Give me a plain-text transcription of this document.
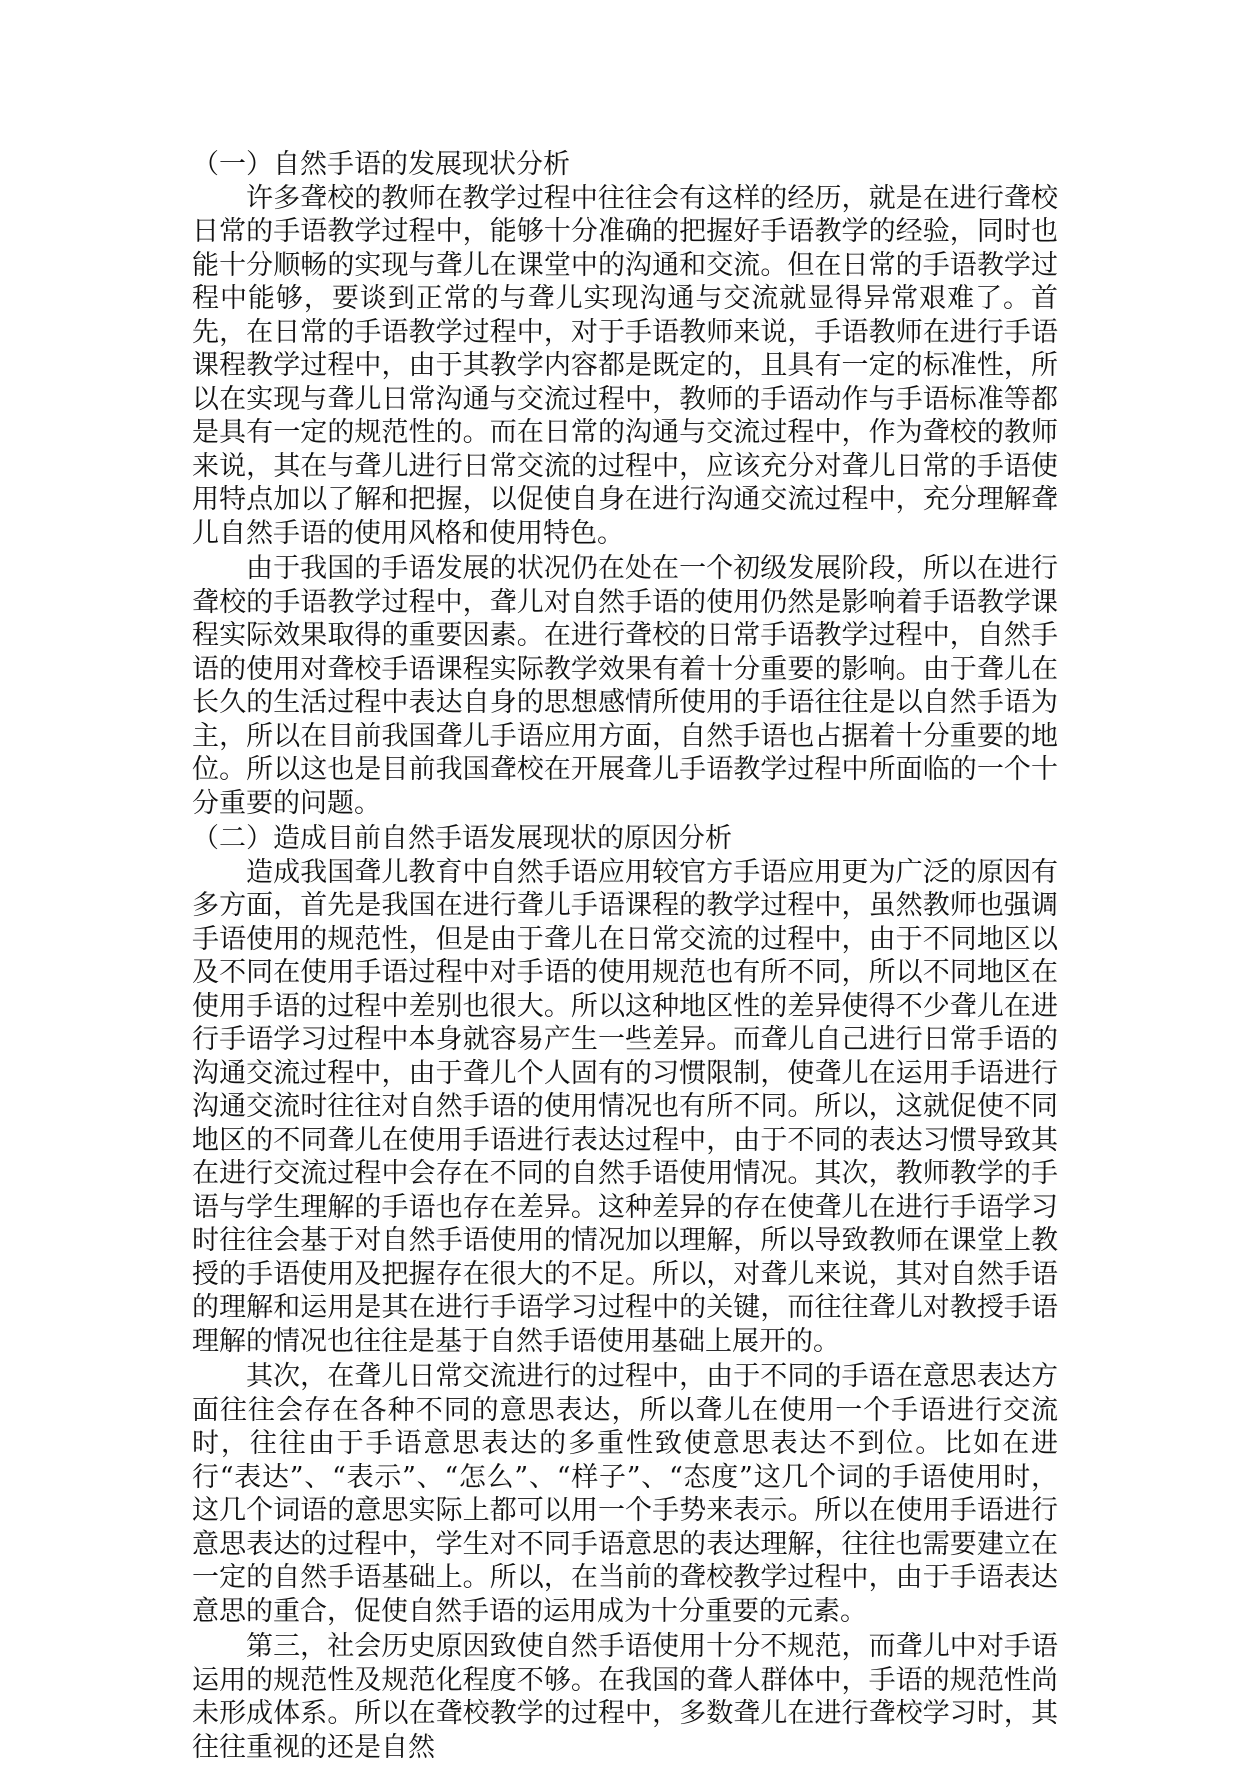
（一）自然手语的发展现状分析

许多聋校的教师在教学过程中往往会有这样的经历，就是在进行聋校日常的手语教学过程中，能够十分准确的把握好手语教学的经验，同时也能十分顺畅的实现与聋儿在课堂中的沟通和交流。但在日常的手语教学过程中能够，要谈到正常的与聋儿实现沟通与交流就显得异常艰难了。首先，在日常的手语教学过程中，对于手语教师来说，手语教师在进行手语课程教学过程中，由于其教学内容都是既定的，且具有一定的标准性，所以在实现与聋儿日常沟通与交流过程中，教师的手语动作与手语标准等都是具有一定的规范性的。而在日常的沟通与交流过程中，作为聋校的教师来说，其在与聋儿进行日常交流的过程中，应该充分对聋儿日常的手语使用特点加以了解和把握，以促使自身在进行沟通交流过程中，充分理解聋儿自然手语的使用风格和使用特色。

由于我国的手语发展的状况仍在处在一个初级发展阶段，所以在进行聋校的手语教学过程中，聋儿对自然手语的使用仍然是影响着手语教学课程实际效果取得的重要因素。在进行聋校的日常手语教学过程中，自然手语的使用对聋校手语课程实际教学效果有着十分重要的影响。由于聋儿在长久的生活过程中表达自身的思想感情所使用的手语往往是以自然手语为主，所以在目前我国聋儿手语应用方面，自然手语也占据着十分重要的地位。所以这也是目前我国聋校在开展聋儿手语教学过程中所面临的一个十分重要的问题。

（二）造成目前自然手语发展现状的原因分析

造成我国聋儿教育中自然手语应用较官方手语应用更为广泛的原因有多方面，首先是我国在进行聋儿手语课程的教学过程中，虽然教师也强调手语使用的规范性，但是由于聋儿在日常交流的过程中，由于不同地区以及不同在使用手语过程中对手语的使用规范也有所不同，所以不同地区在使用手语的过程中差别也很大。所以这种地区性的差异使得不少聋儿在进行手语学习过程中本身就容易产生一些差异。而聋儿自己进行日常手语的沟通交流过程中，由于聋儿个人固有的习惯限制，使聋儿在运用手语进行沟通交流时往往对自然手语的使用情况也有所不同。所以，这就促使不同地区的不同聋儿在使用手语进行表达过程中，由于不同的表达习惯导致其在进行交流过程中会存在不同的自然手语使用情况。其次，教师教学的手语与学生理解的手语也存在差异。这种差异的存在使聋儿在进行手语学习时往往会基于对自然手语使用的情况加以理解，所以导致教师在课堂上教授的手语使用及把握存在很大的不足。所以，对聋儿来说，其对自然手语的理解和运用是其在进行手语学习过程中的关键，而往往聋儿对教授手语理解的情况也往往是基于自然手语使用基础上展开的。

其次，在聋儿日常交流进行的过程中，由于不同的手语在意思表达方面往往会存在各种不同的意思表达，所以聋儿在使用一个手语进行交流时，往往由于手语意思表达的多重性致使意思表达不到位。比如在进行“表达”、“表示”、“怎么”、“样子”、“态度”这几个词的手语使用时，这几个词语的意思实际上都可以用一个手势来表示。所以在使用手语进行意思表达的过程中，学生对不同手语意思的表达理解，往往也需要建立在一定的自然手语基础上。所以，在当前的聋校教学过程中，由于手语表达意思的重合，促使自然手语的运用成为十分重要的元素。

第三，社会历史原因致使自然手语使用十分不规范，而聋儿中对手语运用的规范性及规范化程度不够。在我国的聋人群体中，手语的规范性尚未形成体系。所以在聋校教学的过程中，多数聋儿在进行聋校学习时，其往往重视的还是自然
